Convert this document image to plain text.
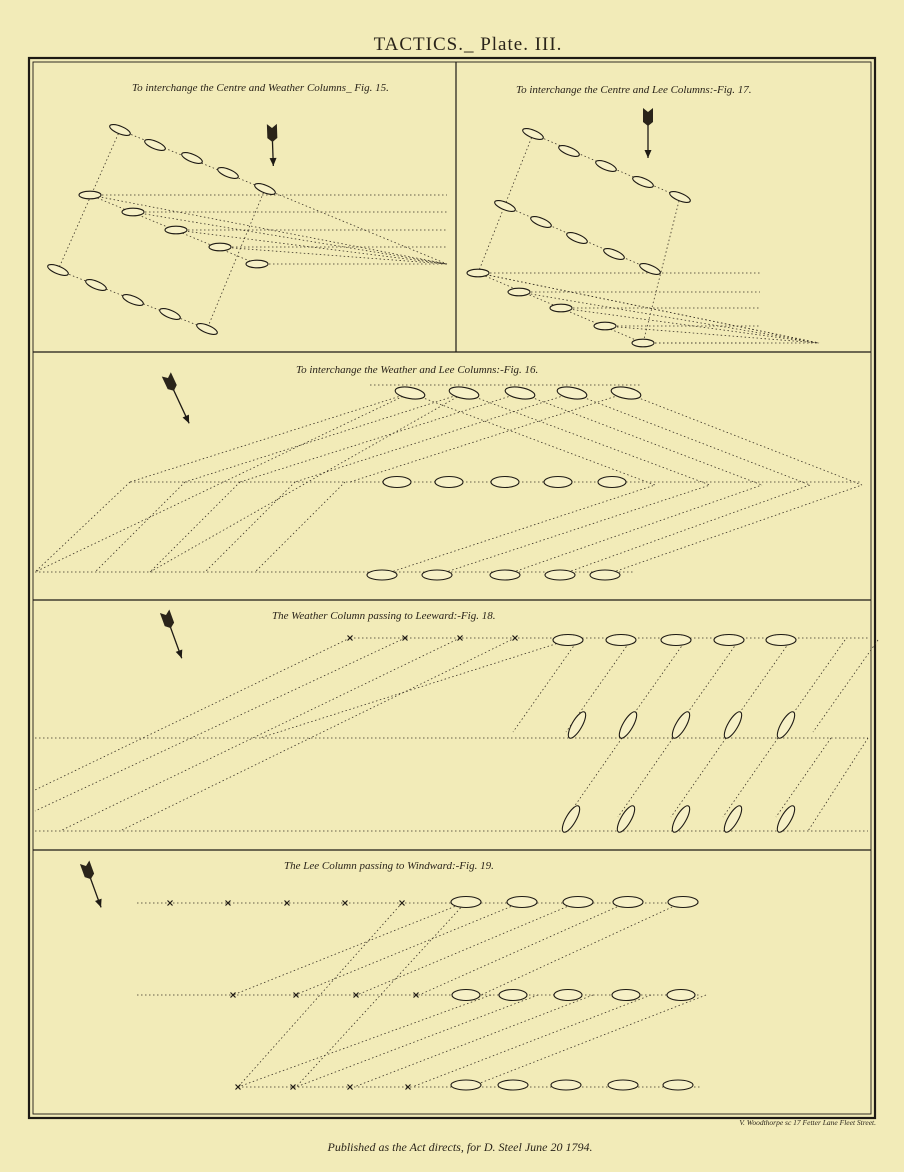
TACTICS._ Plate. III.
To interchange the Centre and Weather Columns_ Fig. 15.	To interchange the Centre and Lee Columns:-Fig. 17.
To interchange the Weather and Lee Columns:-Fig. 16.
The Weather Column passing to Leeward:-Fig. 18.
The Lee Column passing to Windward:-Fig. 19.
V. Woodthorpe sc 17 Fetter Lane Fleet Street.
Published as the Act directs, for D. Steel June 20 1794.
